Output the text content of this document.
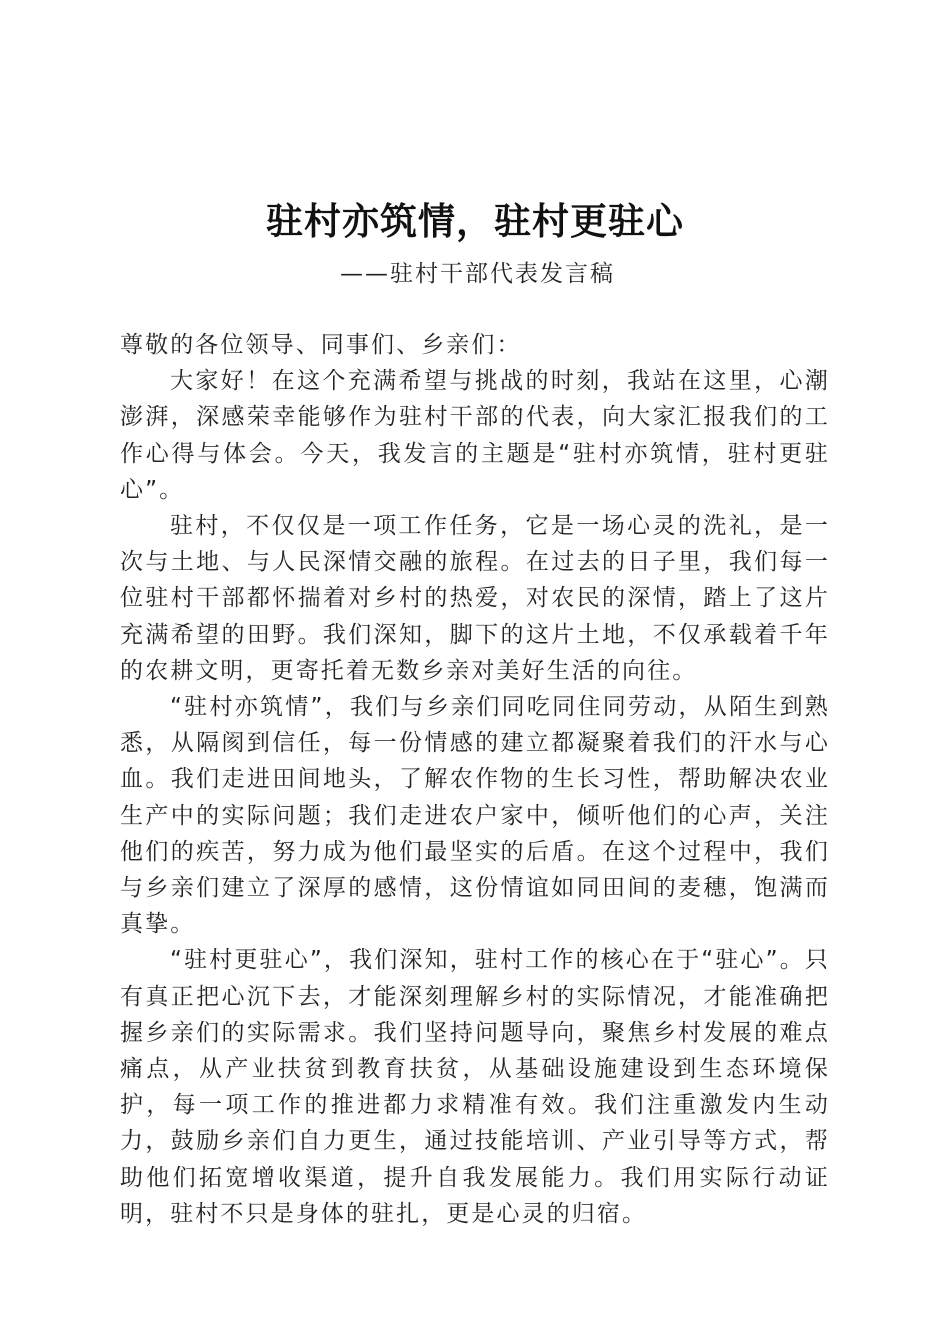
驻村亦筑情，驻村更驻心
——驻村干部代表发言稿

尊敬的各位领导、同事们、乡亲们：

大家好！在这个充满希望与挑战的时刻，我站在这里，心潮澎湃，深感荣幸能够作为驻村干部的代表，向大家汇报我们的工作心得与体会。今天，我发言的主题是“驻村亦筑情，驻村更驻心”。

驻村，不仅仅是一项工作任务，它是一场心灵的洗礼，是一次与土地、与人民深情交融的旅程。在过去的日子里，我们每一位驻村干部都怀揣着对乡村的热爱，对农民的深情，踏上了这片充满希望的田野。我们深知，脚下的这片土地，不仅承载着千年的农耕文明，更寄托着无数乡亲对美好生活的向往。

“驻村亦筑情”，我们与乡亲们同吃同住同劳动，从陌生到熟悉，从隔阂到信任，每一份情感的建立都凝聚着我们的汗水与心血。我们走进田间地头，了解农作物的生长习性，帮助解决农业生产中的实际问题；我们走进农户家中，倾听他们的心声，关注他们的疾苦，努力成为他们最坚实的后盾。在这个过程中，我们与乡亲们建立了深厚的感情，这份情谊如同田间的麦穗，饱满而真挚。

“驻村更驻心”，我们深知，驻村工作的核心在于“驻心”。只有真正把心沉下去，才能深刻理解乡村的实际情况，才能准确把握乡亲们的实际需求。我们坚持问题导向，聚焦乡村发展的难点痛点，从产业扶贫到教育扶贫，从基础设施建设到生态环境保护，每一项工作的推进都力求精准有效。我们注重激发内生动力，鼓励乡亲们自力更生，通过技能培训、产业引导等方式，帮助他们拓宽增收渠道，提升自我发展能力。我们用实际行动证明，驻村不只是身体的驻扎，更是心灵的归宿。
